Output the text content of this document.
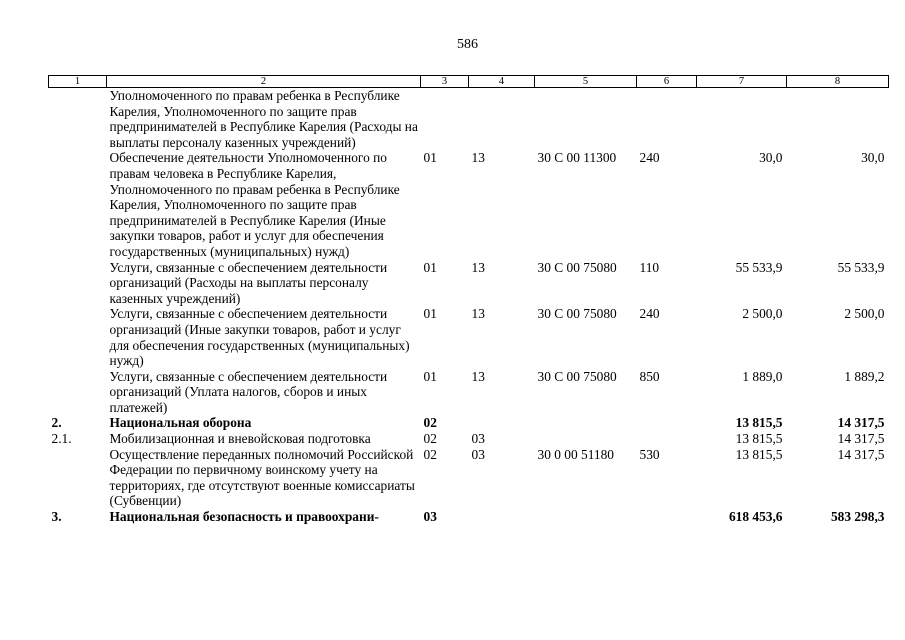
586
1	2	3	4	5	6	7	8
	Уполномоченного по правам ребенка в Республике Карелия, Уполномоченного по защите прав предпринимателей в Республике Карелия (Расходы на выплаты персоналу казенных учреждений)						
	Обеспечение деятельности Уполномоченного по правам человека в Республике Карелия, Уполномоченного по правам ребенка в Республике Карелия, Уполномоченного по защите прав предпринимателей в Республике Карелия (Иные закупки товаров, работ и услуг для обеспечения государственных (муниципальных) нужд)	01	13	30 С 00 11300	240	30,0	30,0
	Услуги, связанные с обеспечением деятельности организаций (Расходы на выплаты персоналу казенных учреждений)	01	13	30 С 00 75080	110	55 533,9	55 533,9
	Услуги, связанные с обеспечением деятельности организаций (Иные закупки товаров, работ и услуг для обеспечения государственных (муниципальных) нужд)	01	13	30 С 00 75080	240	2 500,0	2 500,0
	Услуги, связанные с обеспечением деятельности организаций (Уплата налогов, сборов и иных платежей)	01	13	30 С 00 75080	850	1 889,0	1 889,2
2.	Национальная оборона	02				13 815,5	14 317,5
2.1.	Мобилизационная и вневойсковая подготовка	02	03			13 815,5	14 317,5
	Осуществление переданных полномочий Российской Федерации по первичному воинскому учету на территориях, где отсутствуют военные комиссариаты (Субвенции)	02	03	30 0 00 51180	530	13 815,5	14 317,5
3.	Национальная безопасность и правоохрани-	03				618 453,6	583 298,3
